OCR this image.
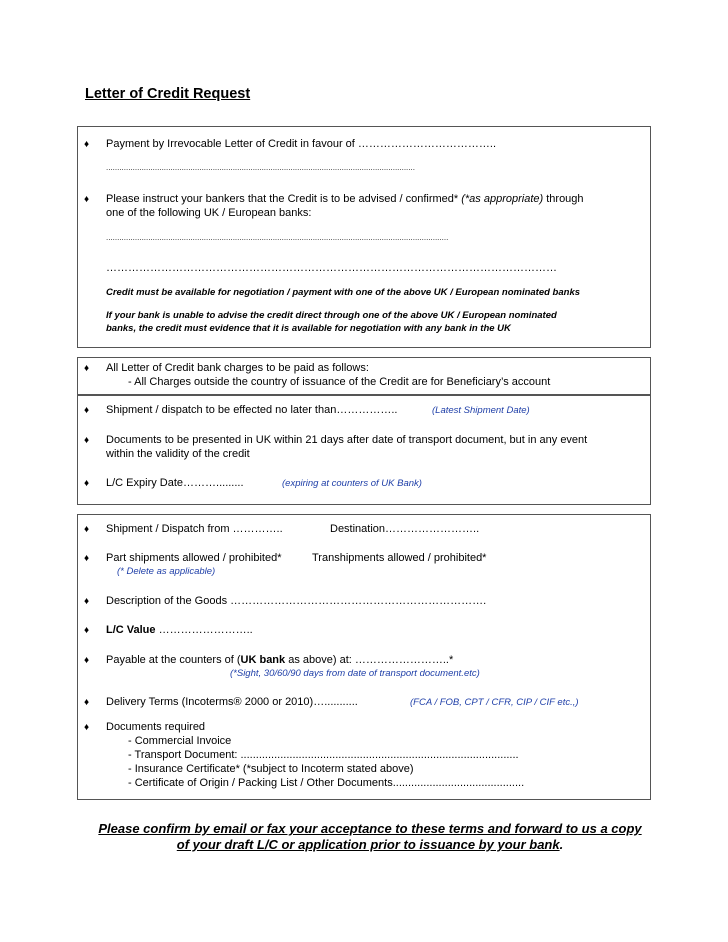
Letter of Credit Request
♦ Payment by Irrevocable Letter of Credit in favour of ………………………………..
...........................................................................................................................................
♦ Please instruct your bankers that the Credit is to be advised / confirmed* (*as appropriate) through
one of the following UK / European banks:
..........................................................................................................................................................
……………………………………………………………………………………………………………
Credit must be available for negotiation / payment with one of the above UK / European nominated banks
If your bank is unable to advise the credit direct through one of the above UK / European nominated
banks, the credit must evidence that it is available for negotiation with any bank in the UK
♦ All Letter of Credit bank charges to be paid as follows:
- All Charges outside the country of issuance of the Credit are for Beneficiary’s account
♦ Shipment / dispatch to be effected no later than……………..	(Latest Shipment Date)
♦ Documents to be presented in UK within 21 days after date of transport document, but in any event
within the validity of the credit
♦ L/C Expiry Date……….........	(expiring at counters of UK Bank)
♦ Shipment / Dispatch from …………..	Destination……………………..
♦ Part shipments allowed / prohibited*	Transhipments allowed / prohibited*
(* Delete as applicable)
♦ Description of the Goods …………………………………………………………….
♦ L/C Value ……………………..
♦ Payable at the counters of (UK bank as above) at: ……………………..*
(*Sight, 30/60/90 days from date of transport document.etc)
♦ Delivery Terms (Incoterms® 2000 or 2010)…...........	(FCA / FOB, CPT / CFR, CIP / CIF etc.,)
♦ Documents required
- Commercial Invoice
- Transport Document: ...........................................................................................
- Insurance Certificate* (*subject to Incoterm stated above)
- Certificate of Origin / Packing List / Other Documents...........................................
Please confirm by email or fax your acceptance to these terms and forward to us a copy
of your draft L/C or application prior to issuance by your bank.
